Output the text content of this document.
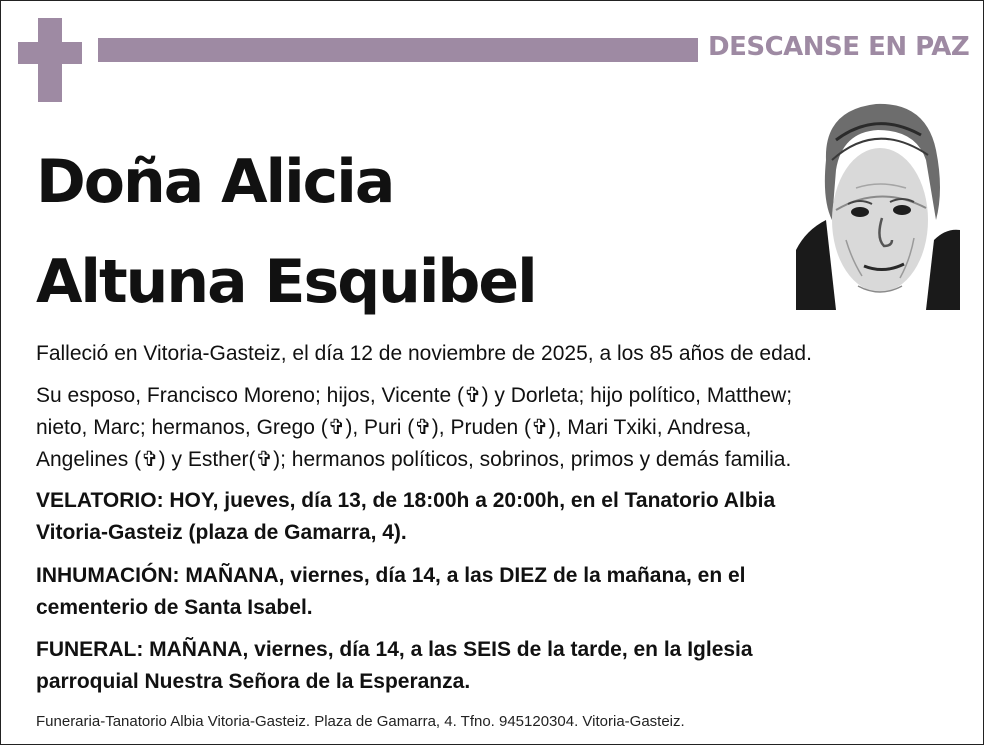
DESCANSE EN PAZ
Doña Alicia
Altuna Esquibel
Falleció en Vitoria-Gasteiz, el día 12 de noviembre de 2025, a los 85 años de edad.
Su esposo, Francisco Moreno; hijos, Vicente (✞) y Dorleta; hijo político, Matthew;
nieto, Marc; hermanos, Grego (✞), Puri (✞), Pruden (✞), Mari Txiki, Andresa,
Angelines (✞) y Esther(✞); hermanos políticos, sobrinos, primos y demás familia.
VELATORIO: HOY, jueves, día 13, de 18:00h a 20:00h, en el Tanatorio Albia
Vitoria-Gasteiz (plaza de Gamarra, 4).
INHUMACIÓN: MAÑANA, viernes, día 14, a las DIEZ de la mañana, en el
cementerio de Santa Isabel.
FUNERAL: MAÑANA, viernes, día 14, a las SEIS de la tarde, en la Iglesia
parroquial Nuestra Señora de la Esperanza.
Funeraria-Tanatorio Albia Vitoria-Gasteiz. Plaza de Gamarra, 4. Tfno. 945120304. Vitoria-Gasteiz.
